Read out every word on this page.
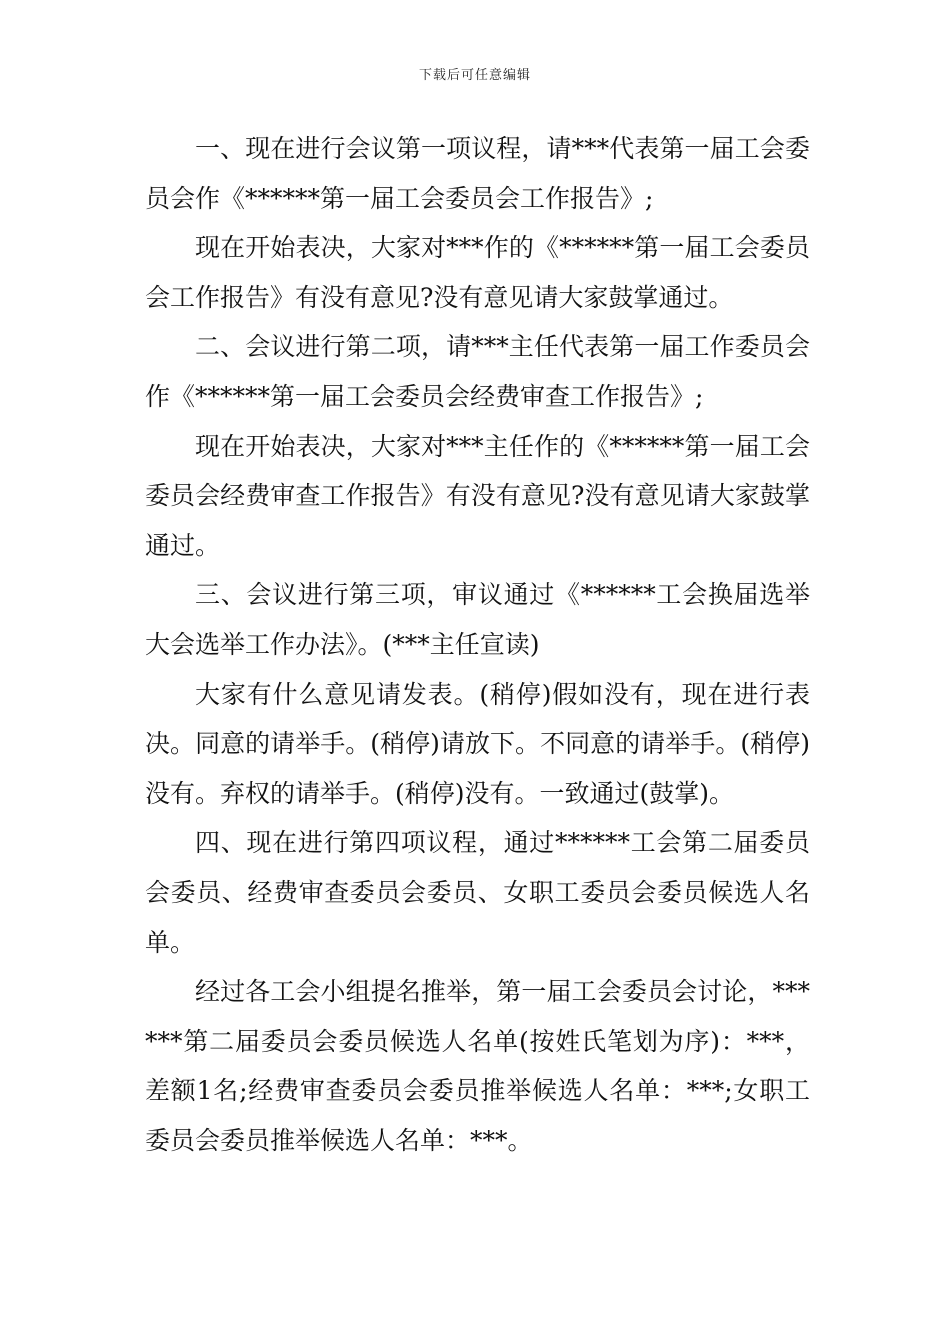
下载后可任意编辑

一、现在进行会议第一项议程，请***代表第一届工会委员会作《******第一届工会委员会工作报告》;

现在开始表决，大家对***作的《******第一届工会委员会工作报告》有没有意见?没有意见请大家鼓掌通过。

二、会议进行第二项，请***主任代表第一届工作委员会作《******第一届工会委员会经费审查工作报告》;

现在开始表决，大家对***主任作的《******第一届工会委员会经费审查工作报告》有没有意见?没有意见请大家鼓掌通过。

三、会议进行第三项，审议通过《******工会换届选举大会选举工作办法》。(***主任宣读)

大家有什么意见请发表。(稍停)假如没有，现在进行表决。同意的请举手。(稍停)请放下。不同意的请举手。(稍停)没有。弃权的请举手。(稍停)没有。一致通过(鼓掌)。

四、现在进行第四项议程，通过******工会第二届委员会委员、经费审查委员会委员、女职工委员会委员候选人名单。

经过各工会小组提名推举，第一届工会委员会讨论，******第二届委员会委员候选人名单(按姓氏笔划为序)：***，差额1名;经费审查委员会委员推举候选人名单：***;女职工委员会委员推举候选人名单：***。
